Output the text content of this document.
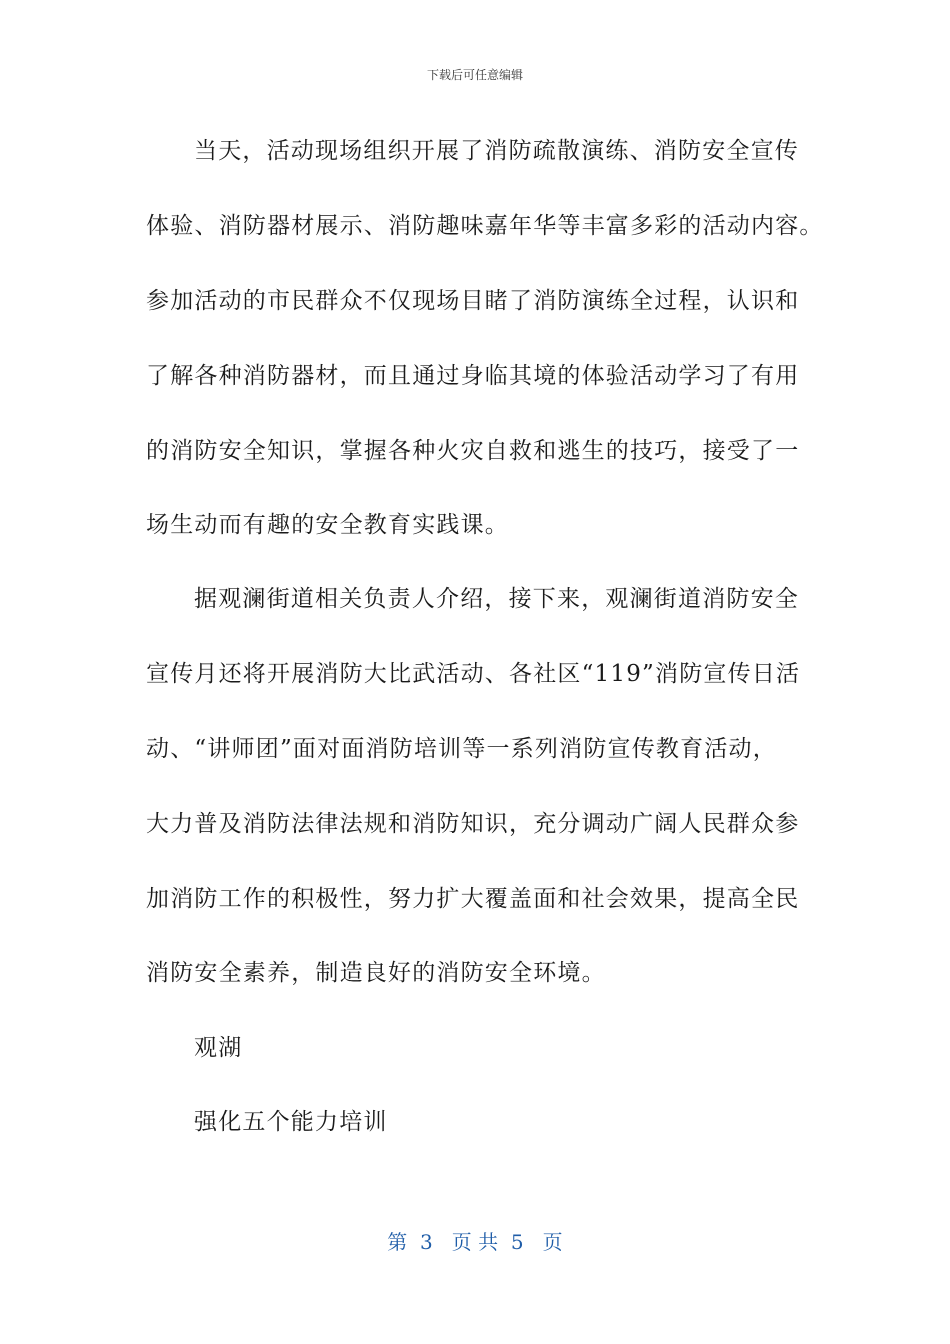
下载后可任意编辑
当天，活动现场组织开展了消防疏散演练、消防安全宣传
体验、消防器材展示、消防趣味嘉年华等丰富多彩的活动内容。
参加活动的市民群众不仅现场目睹了消防演练全过程，认识和
了解各种消防器材，而且通过身临其境的体验活动学习了有用
的消防安全知识，掌握各种火灾自救和逃生的技巧，接受了一
场生动而有趣的安全教育实践课。
据观澜街道相关负责人介绍，接下来，观澜街道消防安全
宣传月还将开展消防大比武活动、各社区“119”消防宣传日活
动、“讲师团”面对面消防培训等一系列消防宣传教育活动，
大力普及消防法律法规和消防知识，充分调动广阔人民群众参
加消防工作的积极性，努力扩大覆盖面和社会效果，提高全民
消防安全素养，制造良好的消防安全环境。
观湖
强化五个能力培训
第  3   页 共  5   页
